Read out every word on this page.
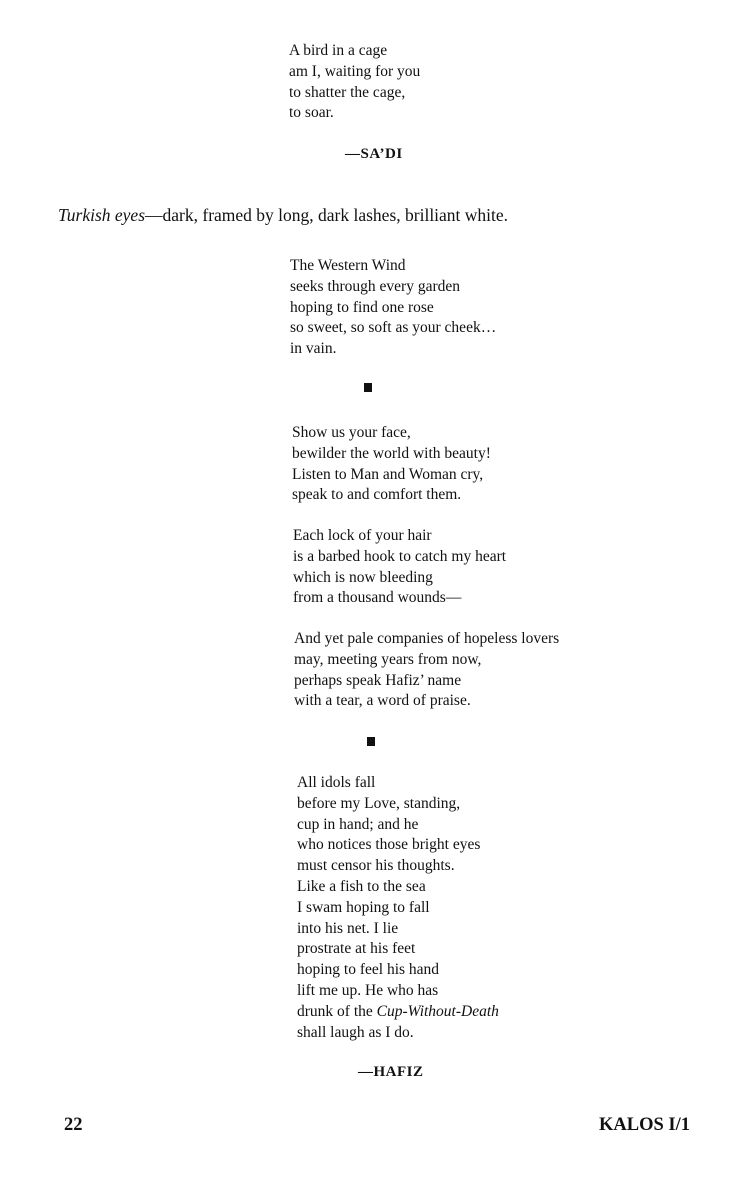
A bird in a cage
am I, waiting for you
to shatter the cage,
to soar.
—SA’DI
Turkish eyes—dark, framed by long, dark lashes, brilliant white.
The Western Wind
seeks through every garden
hoping to find one rose
so sweet, so soft as your cheek…
in vain.
Show us your face,
bewilder the world with beauty!
Listen to Man and Woman cry,
speak to and comfort them.
Each lock of your hair
is a barbed hook to catch my heart
which is now bleeding
from a thousand wounds—
And yet pale companies of hopeless lovers
may, meeting years from now,
perhaps speak Hafiz’ name
with a tear, a word of praise.
All idols fall
before my Love, standing,
cup in hand; and he
who notices those bright eyes
must censor his thoughts.
Like a fish to the sea
I swam hoping to fall
into his net. I lie
prostrate at his feet
hoping to feel his hand
lift me up. He who has
drunk of the Cup-Without-Death
shall laugh as I do.
—HAFIZ
22	KALOS I/1
